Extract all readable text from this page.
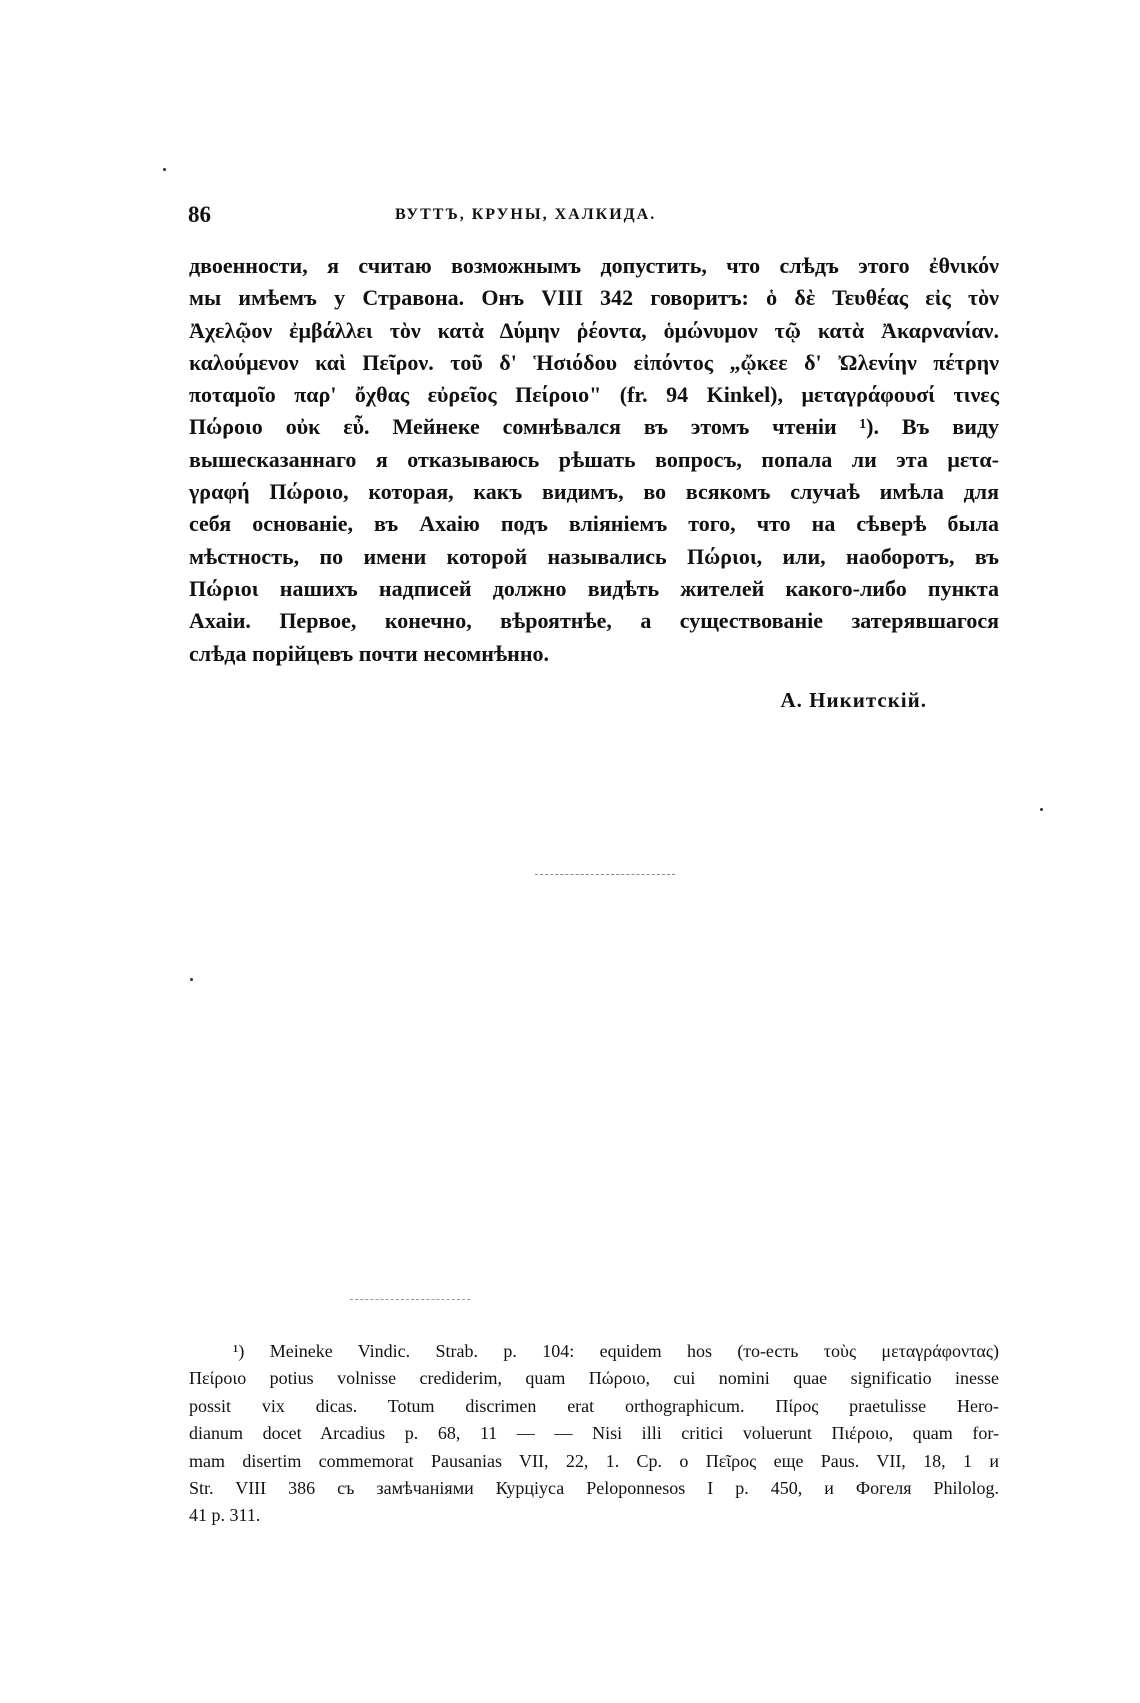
86	ВУТТЪ, КРУНЫ, ХАЛКИДА.
двоенности, я считаю возможнымъ допустить, что слѣдъ этого ἐθνικόν
мы имѣемъ у Стравона. Онъ VIII 342 говоритъ: ὁ δὲ Τευθέας εἰς τὸν
Ἀχελῷον ἐμβάλλει τὸν κατὰ Δύμην ῥέοντα, ὁμώνυμον τῷ κατὰ Ἀκαρνανίαν.
καλούμενον καὶ Πεῖρον. τοῦ δ' Ἡσιόδου εἰπόντος „ᾤκεε δ' Ὠλενίην πέτρην
ποταμοῖο παρ' ὄχθας εὐρεῖος Πείροιο" (fr. 94 Kinkel), μεταγράφουσί τινες
Πώροιο οὐκ εὖ. Мейнеке сомнѣвался въ этомъ чтеніи ¹). Въ виду
вышесказаннаго я отказываюсь рѣшать вопросъ, попала ли эта μετα-
γραφή Πώροιο, которая, какъ видимъ, во всякомъ случаѣ имѣла для
себя основаніе, въ Ахаію подъ вліяніемъ того, что на сѣверѣ была
мѣстность, по имени которой назывались Πώριοι, или, наоборотъ, въ
Πώριοι нашихъ надписей должно видѣть жителей какого-либо пункта
Ахаіи. Первое, конечно, вѣроятнѣе, а существованіе затерявшагося
слѣда порійцевъ почти несомнѣнно.
А. Никитскій.
¹) Meineke Vindic. Strab. p. 104: equidem hos (то-есть τοὺς μεταγράφοντας)
Πείροιο potius volnisse crediderim, quam Πώροιο, cui nomini quae significatio inesse
possit vix dicas. Totum discrimen erat orthographicum. Πίρος praetulisse Hero-
dianum docet Arcadius p. 68, 11 — — Nisi illi critici voluerunt Πιέροιο, quam for-
mam disertim commemorat Pausanias VII, 22, 1. Ср. о Πεῖρος еще Paus. VII, 18, 1 и
Str. VIII 386 съ замѣчаніями Курціуса Peloponnesos I p. 450, и Фогеля Philolog.
41 p. 311.
